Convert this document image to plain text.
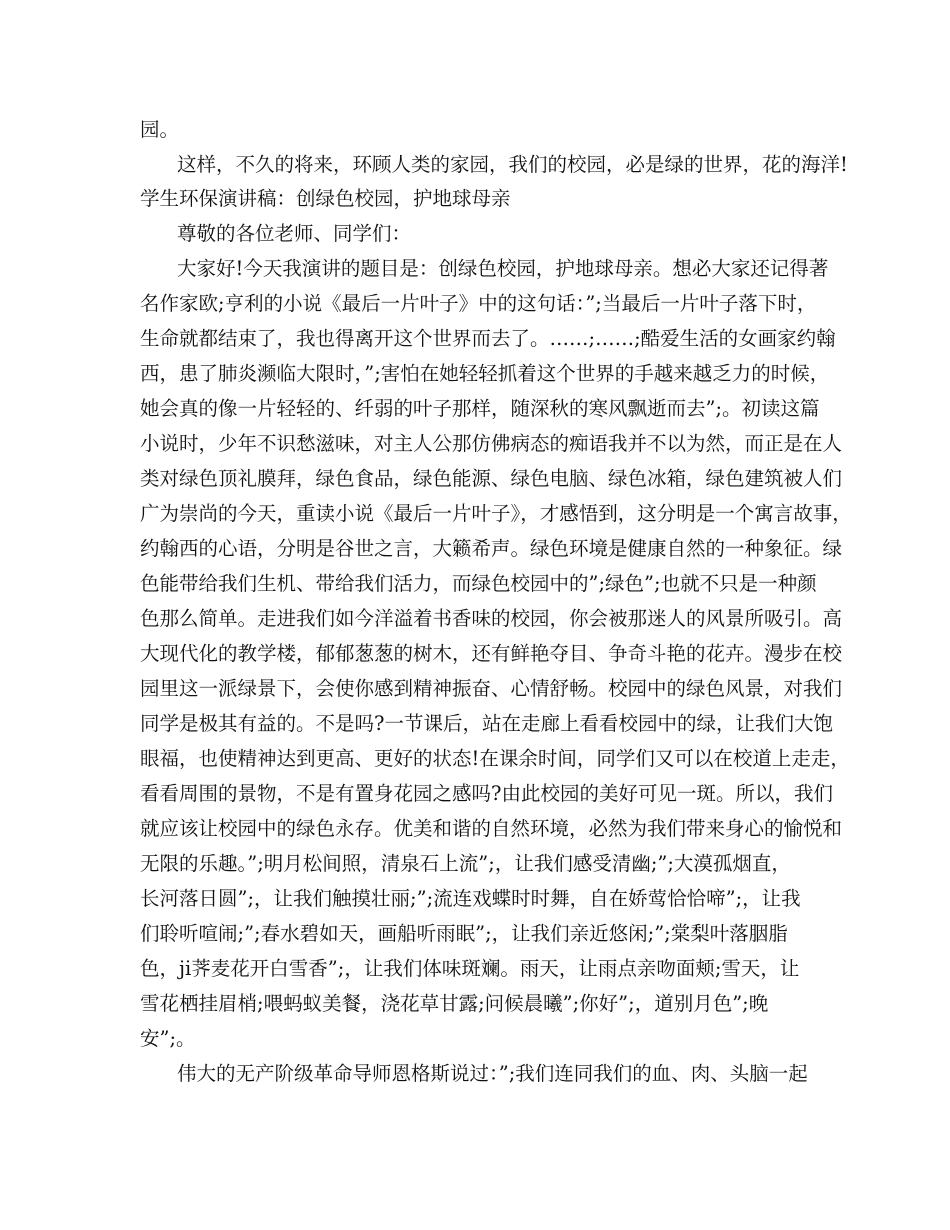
园。
这样，不久的将来，环顾人类的家园，我们的校园，必是绿的世界，花的海洋!
学生环保演讲稿：创绿色校园，护地球母亲
尊敬的各位老师、同学们：
大家好!今天我演讲的题目是：创绿色校园，护地球母亲。想必大家还记得著
名作家欧;亨利的小说《最后一片叶子》中的这句话：”;当最后一片叶子落下时，
生命就都结束了，我也得离开这个世界而去了。……;……;酷爱生活的女画家约翰
西，患了肺炎濒临大限时，”;害怕在她轻轻抓着这个世界的手越来越乏力的时候，
她会真的像一片轻轻的、纤弱的叶子那样，随深秋的寒风飘逝而去”;。初读这篇
小说时，少年不识愁滋味，对主人公那仿佛病态的痴语我并不以为然，而正是在人
类对绿色顶礼膜拜，绿色食品，绿色能源、绿色电脑、绿色冰箱，绿色建筑被人们
广为崇尚的今天，重读小说《最后一片叶子》，才感悟到，这分明是一个寓言故事，
约翰西的心语，分明是谷世之言，大籁希声。绿色环境是健康自然的一种象征。绿
色能带给我们生机、带给我们活力，而绿色校园中的”;绿色”;也就不只是一种颜
色那么简单。走进我们如今洋溢着书香味的校园，你会被那迷人的风景所吸引。高
大现代化的教学楼，郁郁葱葱的树木，还有鲜艳夺目、争奇斗艳的花卉。漫步在校
园里这一派绿景下，会使你感到精神振奋、心情舒畅。校园中的绿色风景，对我们
同学是极其有益的。不是吗?一节课后，站在走廊上看看校园中的绿，让我们大饱
眼福，也使精神达到更高、更好的状态!在课余时间，同学们又可以在校道上走走，
看看周围的景物，不是有置身花园之感吗?由此校园的美好可见一斑。所以，我们
就应该让校园中的绿色永存。优美和谐的自然环境，必然为我们带来身心的愉悦和
无限的乐趣。”;明月松间照，清泉石上流”;，让我们感受清幽;”;大漠孤烟直，
长河落日圆”;，让我们触摸壮丽;”;流连戏蝶时时舞，自在娇莺恰恰啼”;，让我
们聆听喧闹;”;春水碧如天，画船听雨眠”;，让我们亲近悠闲;”;棠梨叶落胭脂
色，ji荠麦花开白雪香”;，让我们体味斑斓。雨天，让雨点亲吻面颊;雪天，让
雪花栖挂眉梢;喂蚂蚁美餐，浇花草甘露;问候晨曦”;你好”;，道别月色”;晚
安”;。
伟大的无产阶级革命导师恩格斯说过：”;我们连同我们的血、肉、头脑一起
